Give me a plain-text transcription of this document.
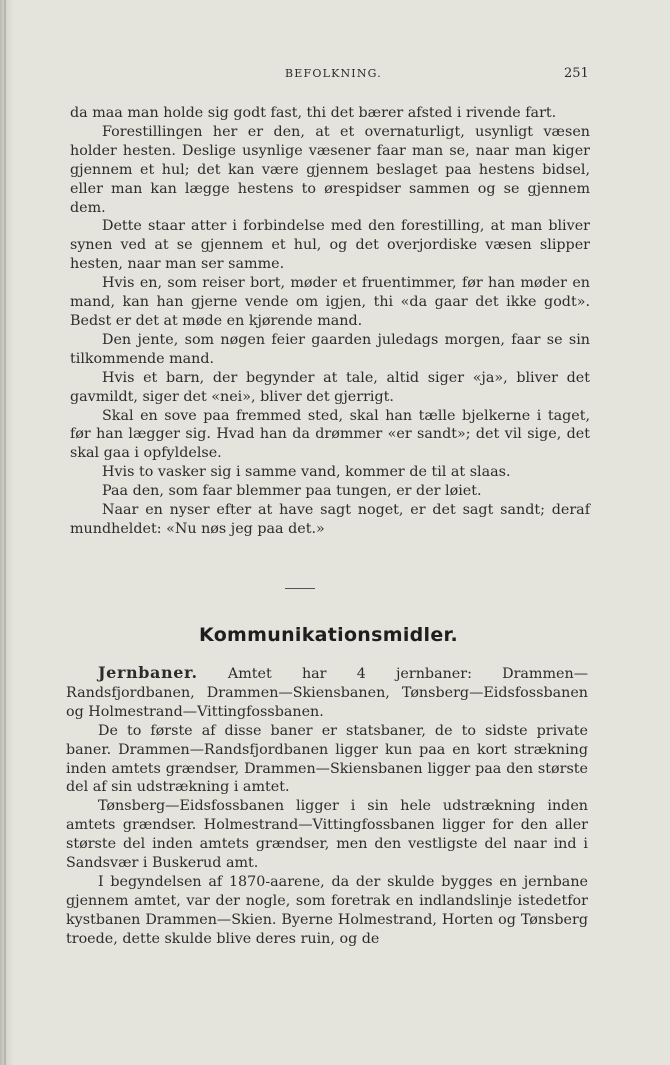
BEFOLKNING.	251

da maa man holde sig godt fast, thi det bærer afsted i rivende fart.

Forestillingen her er den, at et overnaturligt, usynligt væsen holder hesten. Deslige usynlige væsener faar man se, naar man kiger gjennem et hul; det kan være gjennem beslaget paa hestens bidsel, eller man kan lægge hestens to ørespidser sammen og se gjennem dem.

Dette staar atter i forbindelse med den forestilling, at man bliver synen ved at se gjennem et hul, og det overjordiske væsen slipper hesten, naar man ser samme.

Hvis en, som reiser bort, møder et fruentimmer, før han møder en mand, kan han gjerne vende om igjen, thi «da gaar det ikke godt». Bedst er det at møde en kjørende mand.

Den jente, som nøgen feier gaarden juledags morgen, faar se sin tilkommende mand.

Hvis et barn, der begynder at tale, altid siger «ja», bliver det gavmildt, siger det «nei», bliver det gjerrigt.

Skal en sove paa fremmed sted, skal han tælle bjelkerne i taget, før han lægger sig. Hvad han da drømmer «er sandt»; det vil sige, det skal gaa i opfyldelse.

Hvis to vasker sig i samme vand, kommer de til at slaas.

Paa den, som faar blemmer paa tungen, er der løiet.

Naar en nyser efter at have sagt noget, er det sagt sandt; deraf mundheldet: «Nu nøs jeg paa det.»

Kommunikationsmidler.

Jernbaner. Amtet har 4 jernbaner: Drammen—Randsfjordbanen, Drammen—Skiensbanen, Tønsberg—Eidsfossbanen og Holmestrand—Vittingfossbanen.

De to første af disse baner er statsbaner, de to sidste private baner. Drammen—Randsfjordbanen ligger kun paa en kort strækning inden amtets grændser, Drammen—Skiensbanen ligger paa den største del af sin udstrækning i amtet.

Tønsberg—Eidsfossbanen ligger i sin hele udstrækning inden amtets grændser. Holmestrand—Vittingfossbanen ligger for den aller største del inden amtets grændser, men den vestligste del naar ind i Sandsvær i Buskerud amt.

I begyndelsen af 1870-aarene, da der skulde bygges en jernbane gjennem amtet, var der nogle, som foretrak en indlandslinje istedetfor kystbanen Drammen—Skien. Byerne Holmestrand, Horten og Tønsberg troede, dette skulde blive deres ruin, og de
